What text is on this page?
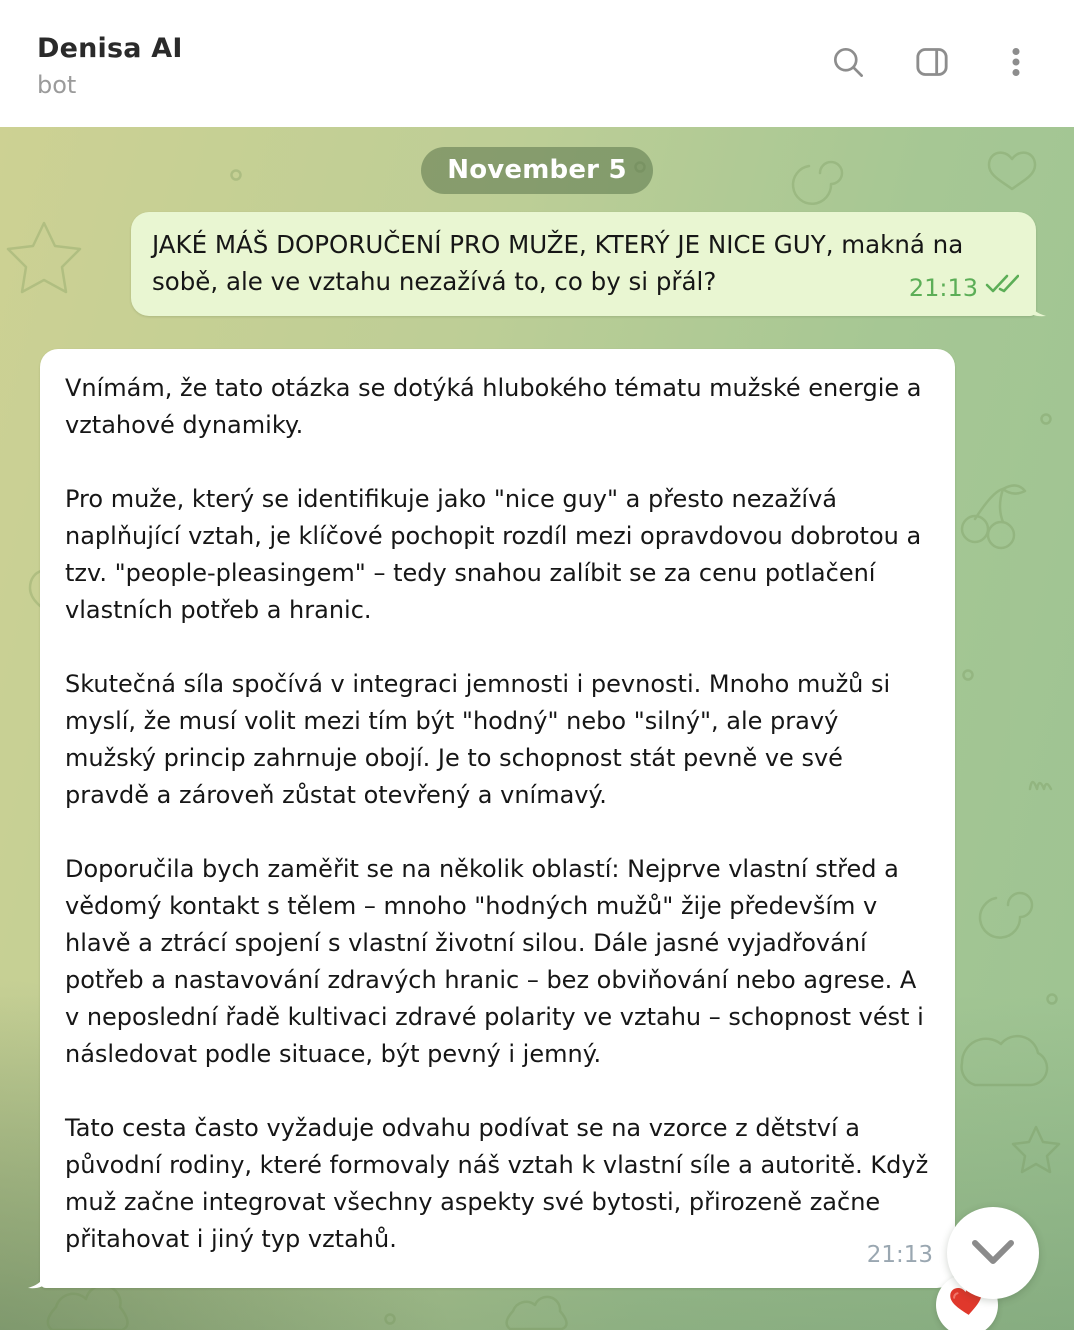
Denisa AI
bot
November 5
JAKÉ MÁŠ DOPORUČENÍ PRO MUŽE, KTERÝ JE NICE GUY, makná na sobě, ale ve vztahu nezažívá to, co by si přál?	21:13

Vnímám, že tato otázka se dotýká hlubokého tématu mužské energie a vztahové dynamiky.

Pro muže, který se identifikuje jako "nice guy" a přesto nezažívá naplňující vztah, je klíčové pochopit rozdíl mezi opravdovou dobrotou a tzv. "people-pleasingem" – tedy snahou zalíbit se za cenu potlačení vlastních potřeb a hranic.

Skutečná síla spočívá v integraci jemnosti i pevnosti. Mnoho mužů si myslí, že musí volit mezi tím být "hodný" nebo "silný", ale pravý mužský princip zahrnuje obojí. Je to schopnost stát pevně ve své pravdě a zároveň zůstat otevřený a vnímavý.

Doporučila bych zaměřit se na několik oblastí: Nejprve vlastní střed a vědomý kontakt s tělem – mnoho "hodných mužů" žije především v hlavě a ztrácí spojení s vlastní životní silou. Dále jasné vyjadřování potřeb a nastavování zdravých hranic – bez obviňování nebo agrese. A v neposlední řadě kultivaci zdravé polarity ve vztahu – schopnost vést i následovat podle situace, být pevný i jemný.

Tato cesta často vyžaduje odvahu podívat se na vzorce z dětství a původní rodiny, které formovaly náš vztah k vlastní síle a autoritě. Když muž začne integrovat všechny aspekty své bytosti, přirozeně začne přitahovat i jiný typ vztahů.

21:13
